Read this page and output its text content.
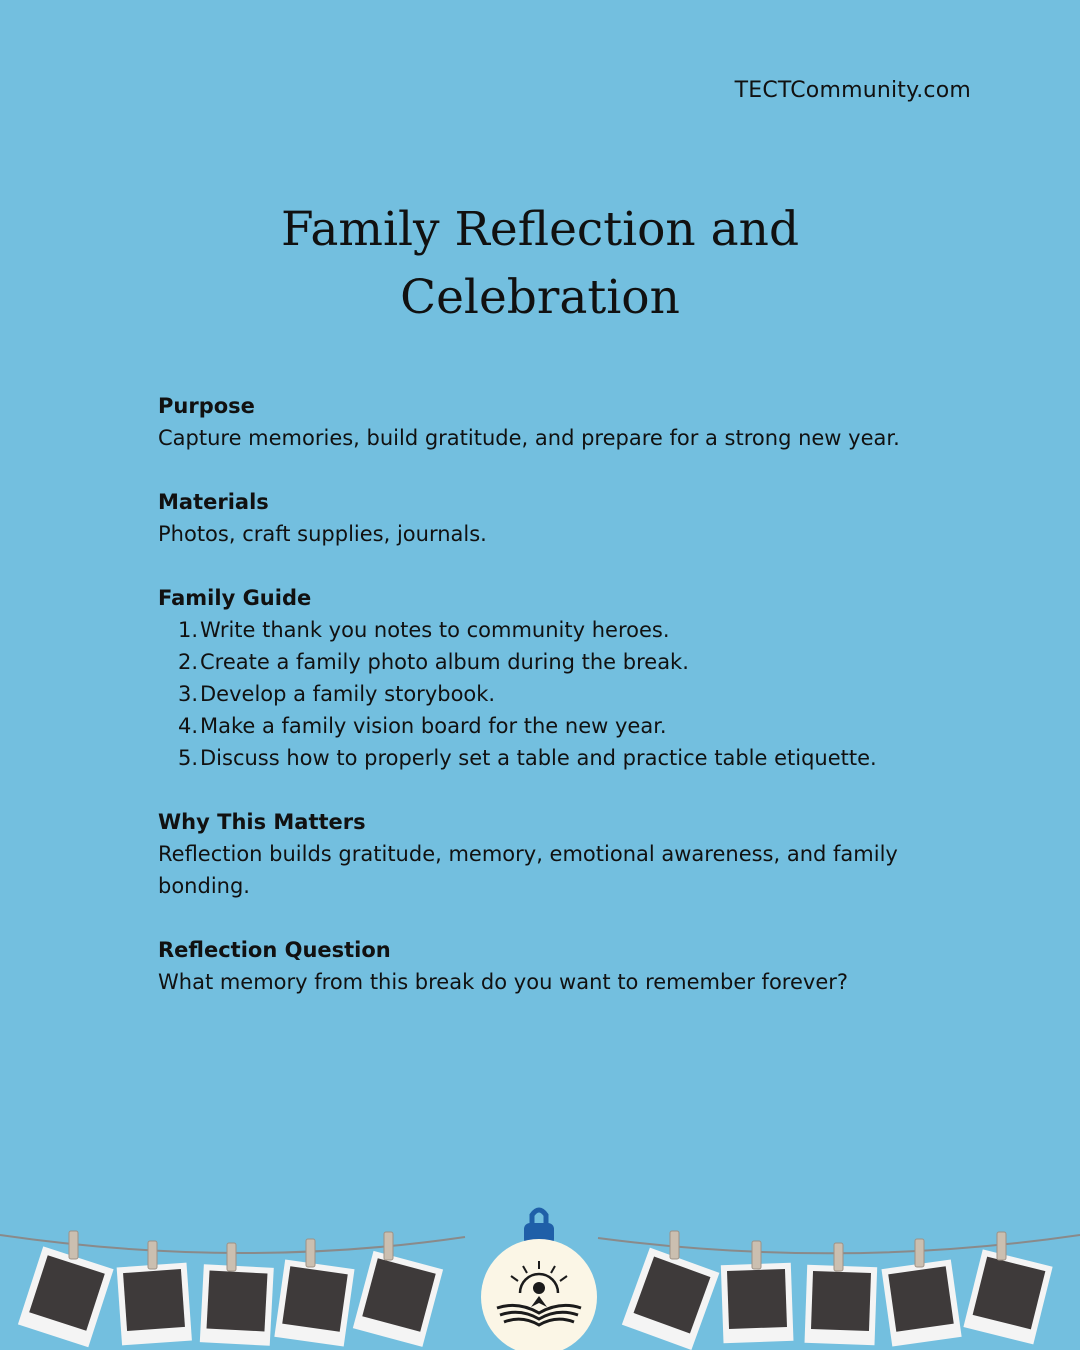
TECTCommunity.com
Family Reflection and
Celebration
Purpose
Capture memories, build gratitude, and prepare for a strong new year.
Materials
Photos, craft supplies, journals.
Family Guide
1. Write thank you notes to community heroes.
2. Create a family photo album during the break.
3. Develop a family storybook.
4. Make a family vision board for the new year.
5. Discuss how to properly set a table and practice table etiquette.
Why This Matters
Reflection builds gratitude, memory, emotional awareness, and family bonding.
Reflection Question
What memory from this break do you want to remember forever?
